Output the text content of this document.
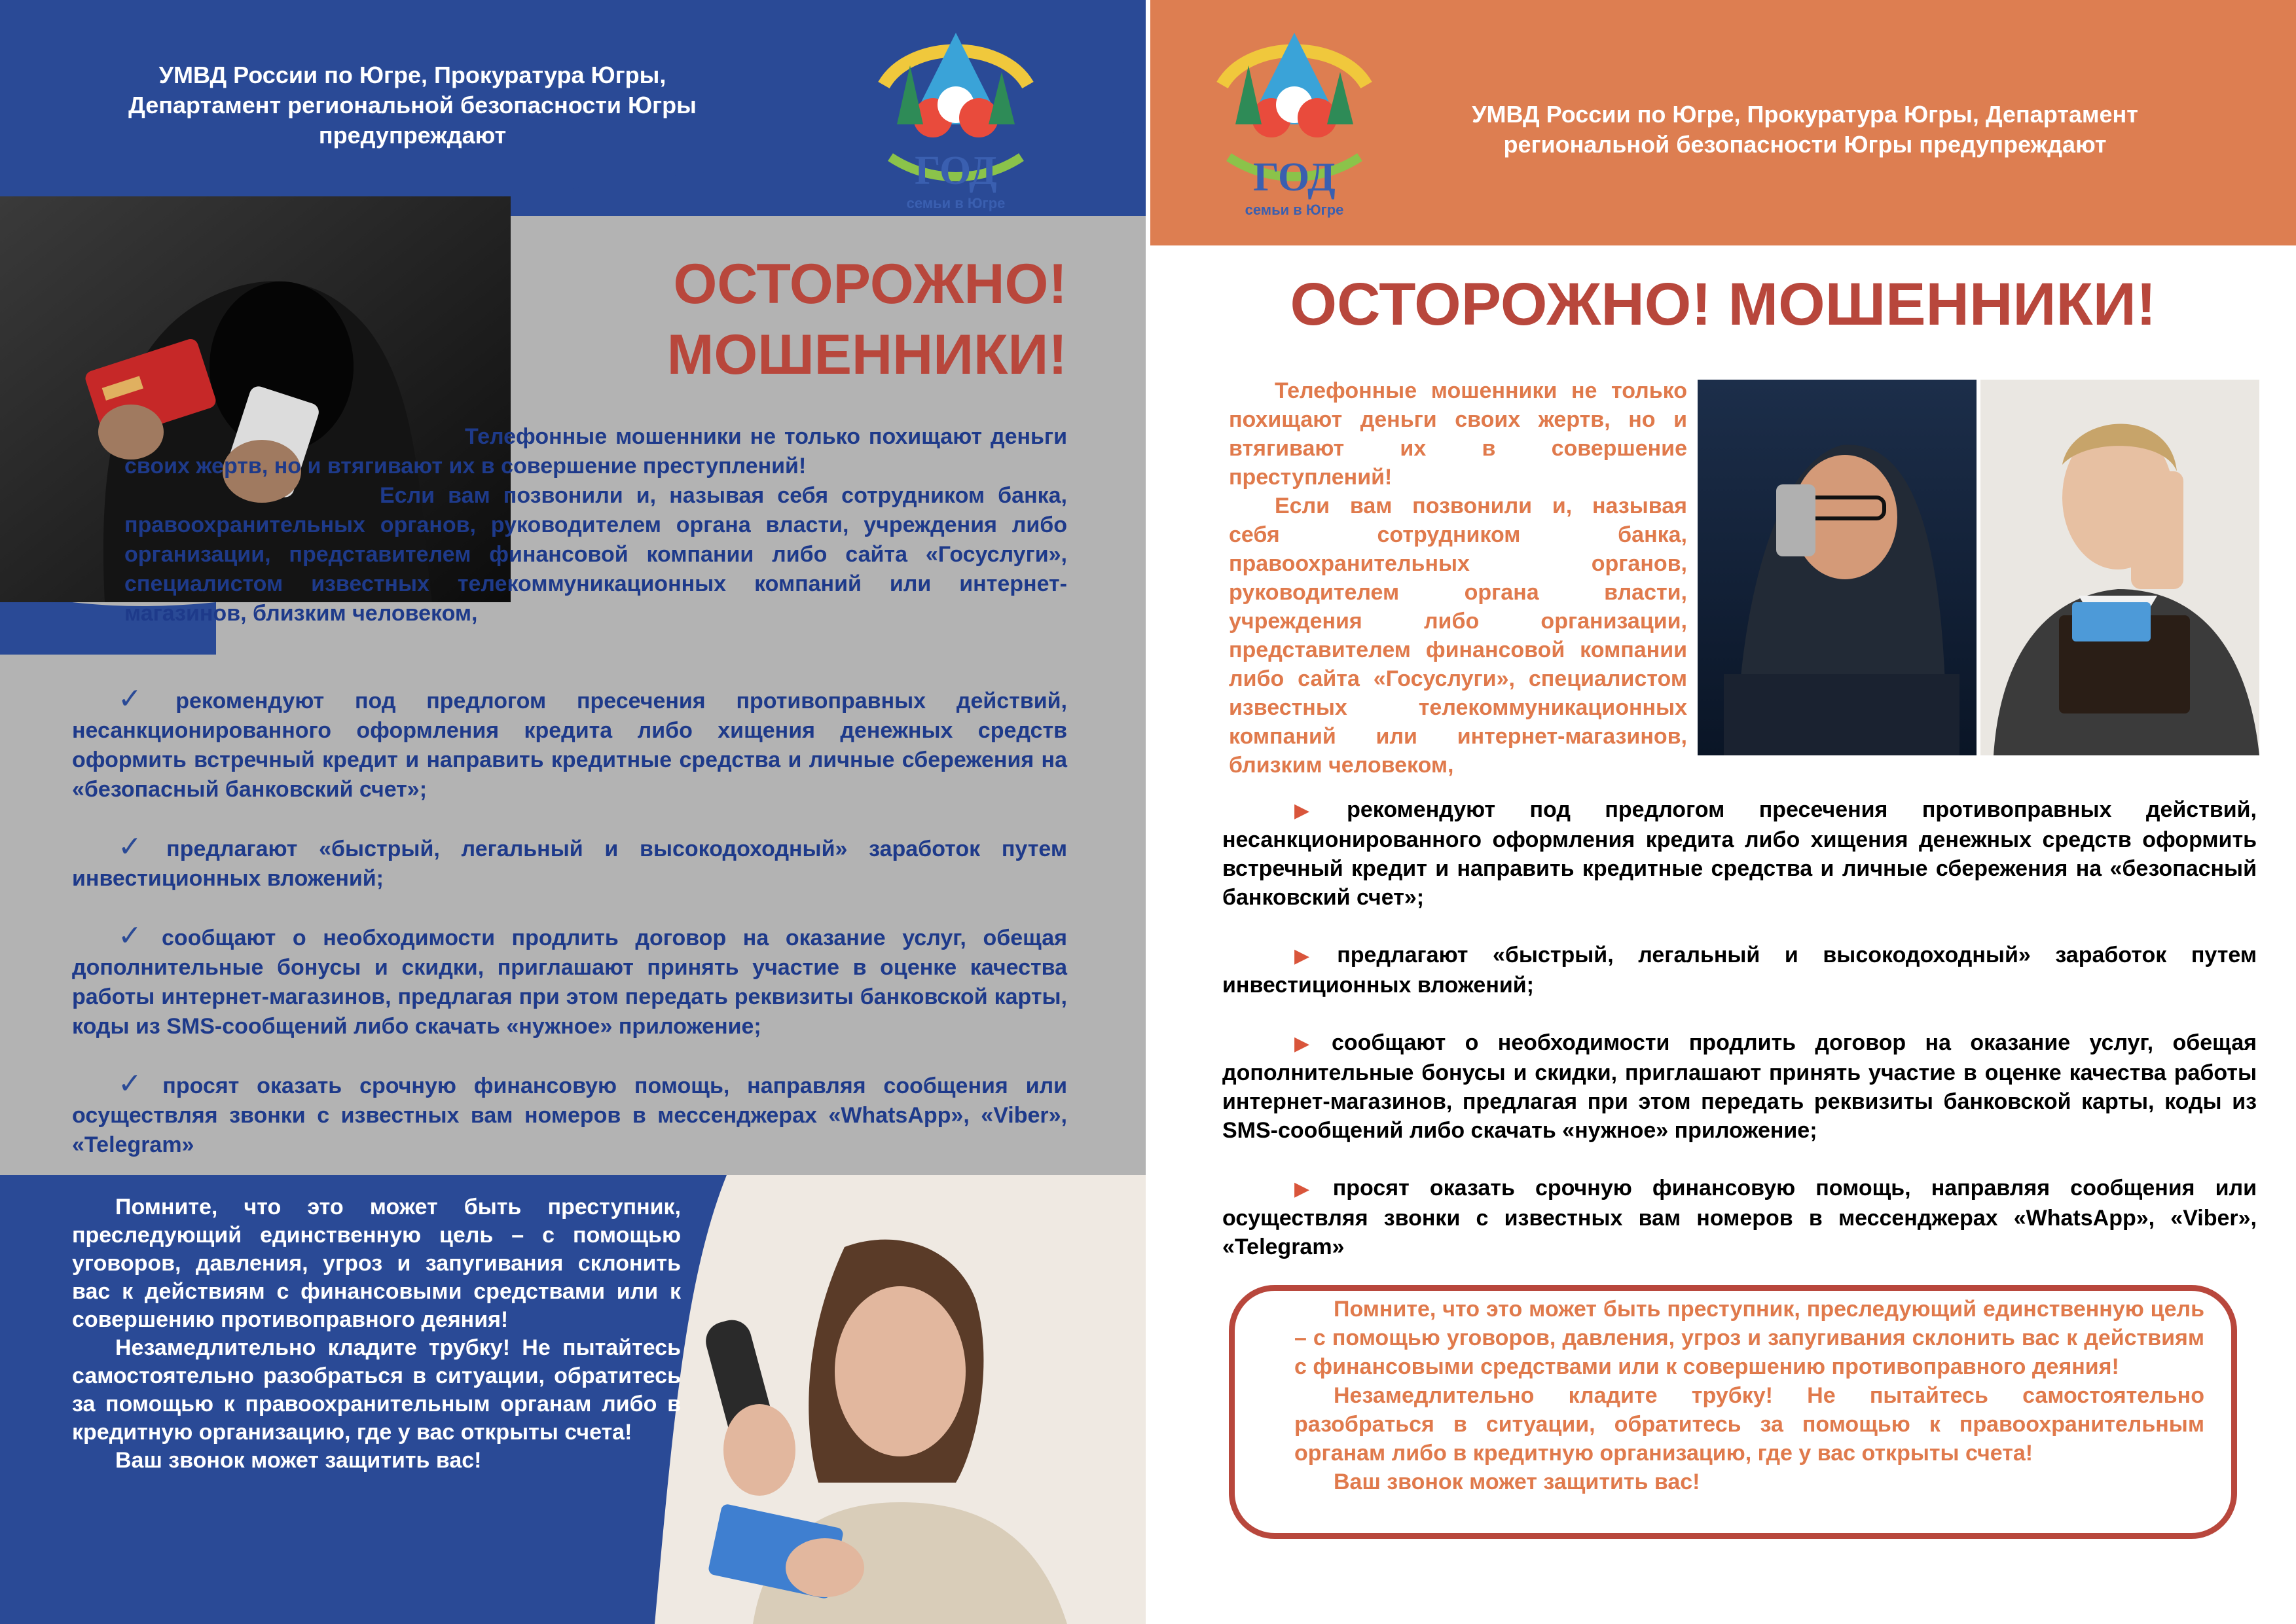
УМВД России по Югре, Прокуратура Югры, Департамент региональной безопасности Югры предупреждают
ГОД
семьи в Югре
ОСТОРОЖНО!
МОШЕННИКИ!

Телефонные мошенники не только похищают деньги своих жертв, но и втягивают их в совершение преступлений!

Если вам позвонили и, называя себя сотрудником банка, правоохранительных органов, руководителем органа власти, учреждения либо организации, представителем финансовой компании либо сайта «Госуслуги», специалистом известных телекоммуникационных компаний или интернет-магазинов, близким человеком,

✓ рекомендуют под предлогом пресечения противоправных действий, несанкционированного оформления кредита либо хищения денежных средств оформить встречный кредит и направить кредитные средства и личные сбережения на «безопасный банковский счет»;

✓ предлагают «быстрый, легальный и высокодоходный» заработок путем инвестиционных вложений;

✓ сообщают о необходимости продлить договор на оказание услуг, обещая дополнительные бонусы и скидки, приглашают принять участие в оценке качества работы интернет-магазинов, предлагая при этом передать реквизиты банковской карты, коды из SMS-сообщений либо скачать «нужное» приложение;

✓ просят оказать срочную финансовую помощь, направляя сообщения или осуществляя звонки с известных вам номеров в мессенджерах «WhatsApp», «Viber», «Telegram»

Помните, что это может быть преступник, преследующий единственную цель – с помощью уговоров, давления, угроз и запугивания склонить вас к действиям с финансовыми средствами или к совершению противоправного деяния!

Незамедлительно кладите трубку! Не пытайтесь самостоятельно разобраться в ситуации, обратитесь за помощью к правоохранительным органам либо в кредитную организацию, где у вас открыты счета!

Ваш звонок может защитить вас!

ГОД
семьи в Югре
УМВД России по Югре, Прокуратура Югры, Департамент региональной безопасности Югры предупреждают
ОСТОРОЖНО! МОШЕННИКИ!

Телефонные мошенники не только похищают деньги своих жертв, но и втягивают их в совершение преступлений!

Если вам позвонили и, называя себя сотрудником банка, правоохранительных органов, руководителем органа власти, учреждения либо организации, представителем финансовой компании либо сайта «Госуслуги», специалистом известных телекоммуникационных компаний или интернет-магазинов, близким человеком,

▶ рекомендуют под предлогом пресечения противоправных действий, несанкционированного оформления кредита либо хищения денежных средств оформить встречный кредит и направить кредитные средства и личные сбережения на «безопасный банковский счет»;

▶ предлагают «быстрый, легальный и высокодоходный» заработок путем инвестиционных вложений;

▶ сообщают о необходимости продлить договор на оказание услуг, обещая дополнительные бонусы и скидки, приглашают принять участие в оценке качества работы интернет-магазинов, предлагая при этом передать реквизиты банковской карты, коды из SMS-сообщений либо скачать «нужное» приложение;

▶ просят оказать срочную финансовую помощь, направляя сообщения или осуществляя звонки с известных вам номеров в мессенджерах «WhatsApp», «Viber», «Telegram»

Помните, что это может быть преступник, преследующий единственную цель – с помощью уговоров, давления, угроз и запугивания склонить вас к действиям с финансовыми средствами или к совершению противоправного деяния!

Незамедлительно кладите трубку! Не пытайтесь самостоятельно разобраться в ситуации, обратитесь за помощью к правоохранительным органам либо в кредитную организацию, где у вас открыты счета!

Ваш звонок может защитить вас!
